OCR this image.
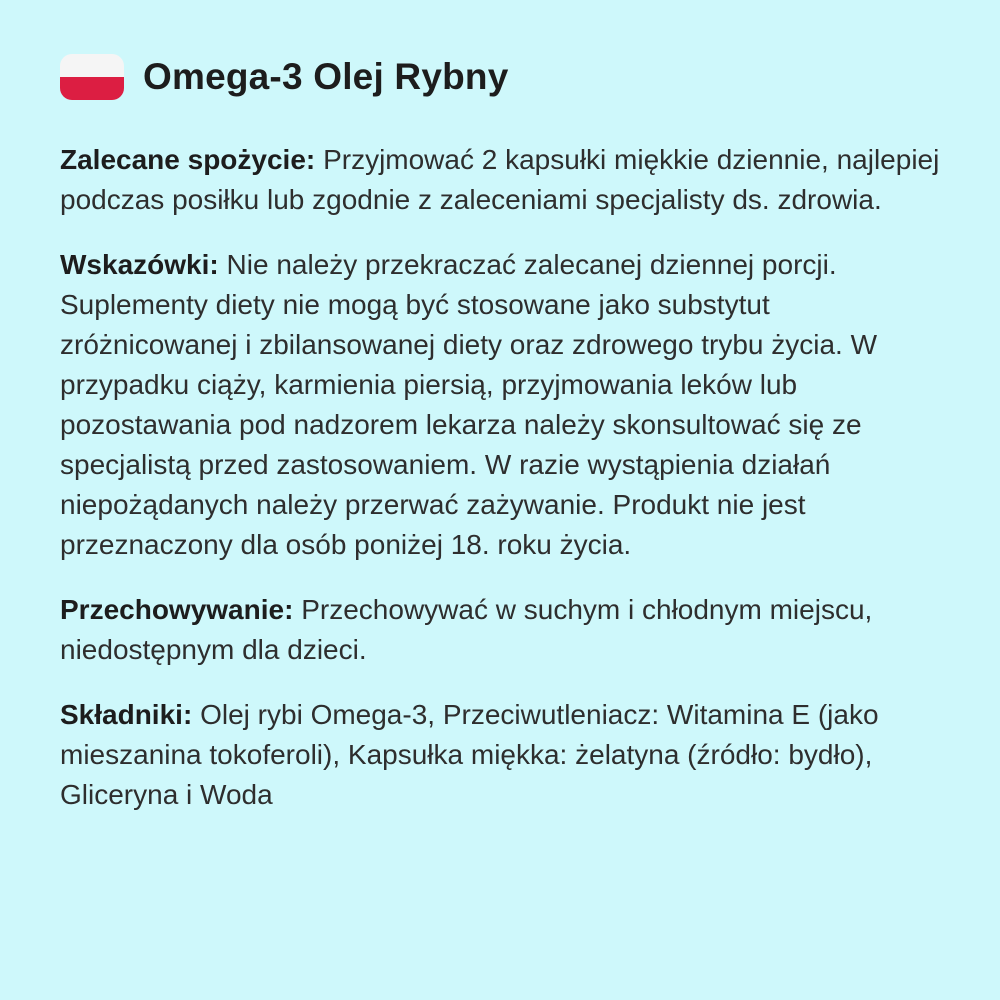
Omega-3 Olej Rybny

Zalecane spożycie: Przyjmować 2 kapsułki miękkie dziennie, najlepiej podczas posiłku lub zgodnie z zaleceniami specjalisty ds. zdrowia.

Wskazówki: Nie należy przekraczać zalecanej dziennej porcji. Suplementy diety nie mogą być stosowane jako substytut zróżnicowanej i zbilansowanej diety oraz zdrowego trybu życia. W przypadku ciąży, karmienia piersią, przyjmowania leków lub pozostawania pod nadzorem lekarza należy skonsultować się ze specjalistą przed zastosowaniem. W razie wystąpienia działań niepożądanych należy przerwać zażywanie. Produkt nie jest przeznaczony dla osób poniżej 18. roku życia.

Przechowywanie: Przechowywać w suchym i chłodnym miejscu, niedostępnym dla dzieci.

Składniki: Olej rybi Omega-3, Przeciwutleniacz: Witamina E (jako mieszanina tokoferoli), Kapsułka miękka: żelatyna (źródło: bydło), Gliceryna i Woda
